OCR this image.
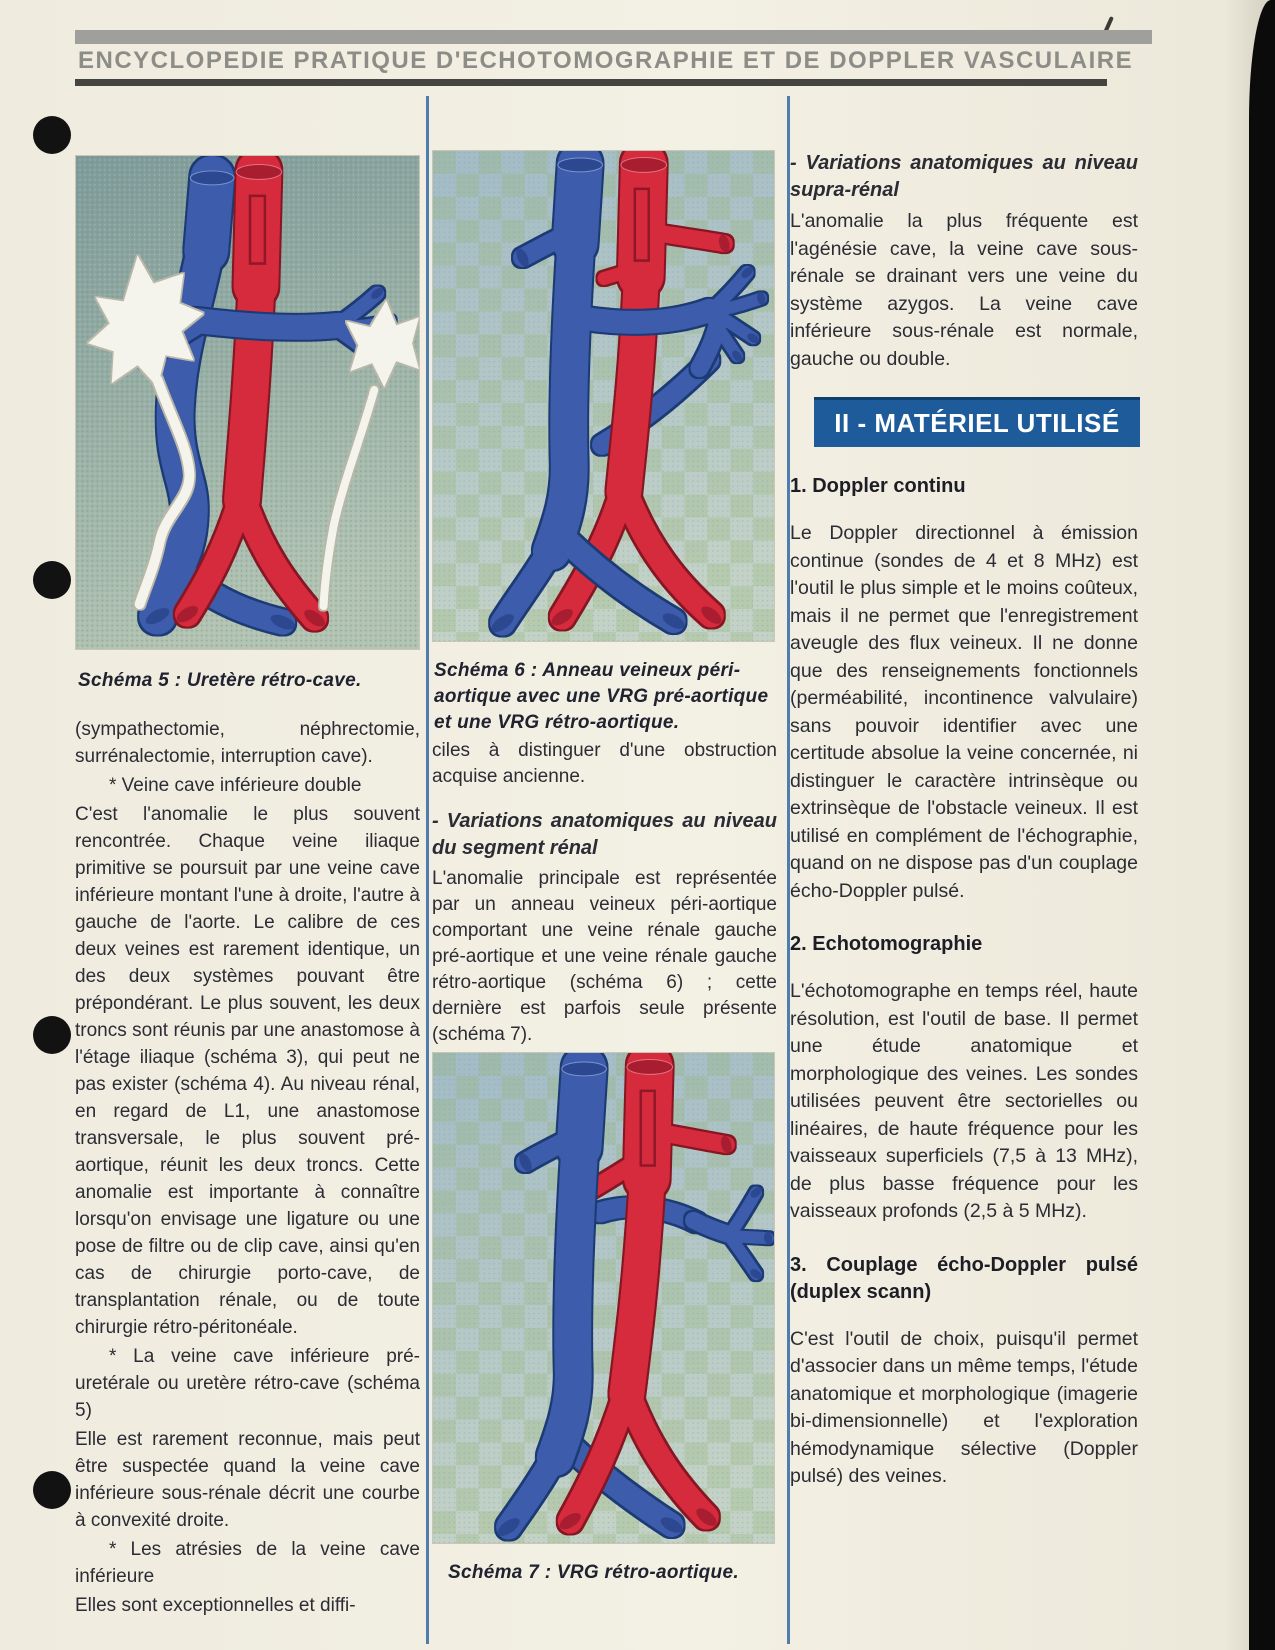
ENCYCLOPEDIE PRATIQUE D'ECHOTOMOGRAPHIE ET DE DOPPLER VASCULAIRE
Schéma 5 : Uretère rétro-cave.	Schéma 6 : Anneau veineux péri-aortique avec une VRG pré-aortique et une VRG rétro-aortique.
Schéma 7 : VRG rétro-aortique.

(sympathectomie, néphrectomie, surrénalectomie, interruption cave).

* Veine cave inférieure double

C'est l'anomalie le plus souvent rencontrée. Chaque veine iliaque primitive se poursuit par une veine cave inférieure montant l'une à droite, l'autre à gauche de l'aorte. Le calibre de ces deux veines est rarement identique, un des deux systèmes pouvant être prépondérant. Le plus souvent, les deux troncs sont réunis par une anastomose à l'étage iliaque (schéma 3), qui peut ne pas exister (schéma 4). Au niveau rénal, en regard de L1, une anastomose transversale, le plus souvent pré-aortique, réunit les deux troncs. Cette anomalie est importante à connaître lorsqu'on envisage une ligature ou une pose de filtre ou de clip cave, ainsi qu'en cas de chirurgie porto-cave, de transplantation rénale, ou de toute chirurgie rétro-péritonéale.

* La veine cave inférieure pré-uretérale ou uretère rétro-cave (schéma 5)

Elle est rarement reconnue, mais peut être suspectée quand la veine cave inférieure sous-rénale décrit une courbe à convexité droite.

* Les atrésies de la veine cave inférieure

Elles sont exceptionnelles et diffi-

ciles à distinguer d'une obstruction acquise ancienne.

- Variations anatomiques au niveau du segment rénal

L'anomalie principale est représentée par un anneau veineux péri-aortique comportant une veine rénale gauche pré-aortique et une veine rénale gauche rétro-aortique (schéma 6) ; cette dernière est parfois seule présente (schéma 7).

- Variations anatomiques au niveau supra-rénal

L'anomalie la plus fréquente est l'agénésie cave, la veine cave sous-rénale se drainant vers une veine du système azygos. La veine cave inférieure sous-rénale est normale, gauche ou double.

II - MATÉRIEL UTILISÉ
1. Doppler continu

Le Doppler directionnel à émission continue (sondes de 4 et 8 MHz) est l'outil le plus simple et le moins coûteux, mais il ne permet que l'enregistrement aveugle des flux veineux. Il ne donne que des renseignements fonctionnels (perméabilité, incontinence valvulaire) sans pouvoir identifier avec une certitude absolue la veine concernée, ni distinguer le caractère intrinsèque ou extrinsèque de l'obstacle veineux. Il est utilisé en complément de l'échographie, quand on ne dispose pas d'un couplage écho-Doppler pulsé.

2. Echotomographie

L'échotomographe en temps réel, haute résolution, est l'outil de base. Il permet une étude anatomique et morphologique des veines. Les sondes utilisées peuvent être sectorielles ou linéaires, de haute fréquence pour les vaisseaux superficiels (7,5 à 13 MHz), de plus basse fréquence pour les vaisseaux profonds (2,5 à 5 MHz).

3. Couplage écho-Doppler pulsé (duplex scann)

C'est l'outil de choix, puisqu'il permet d'associer dans un même temps, l'étude anatomique et morphologique (imagerie bi-dimensionnelle) et l'exploration hémodynamique sélective (Doppler pulsé) des veines.
